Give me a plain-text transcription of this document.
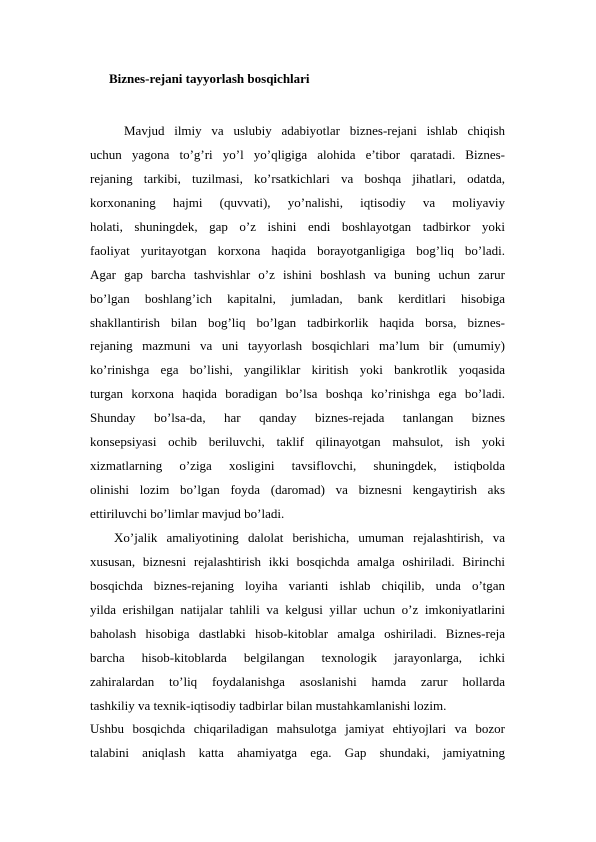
Biznes-rejani tayyorlash bosqichlari
Mavjud ilmiy va uslubiy adabiyotlar biznes-rejani ishlab chiqish
uchun yagona to’g’ri yo’l yo’qligiga alohida e’tibor qaratadi. Biznes-
rejaning tarkibi, tuzilmasi, ko’rsatkichlari va boshqa jihatlari, odatda,
korxonaning hajmi (quvvati), yo’nalishi, iqtisodiy va moliyaviy
holati, shuningdek, gap o’z ishini endi boshlayotgan tadbirkor yoki
faoliyat yuritayotgan korxona haqida borayotganligiga bog’liq bo’ladi.
Agar gap barcha tashvishlar o’z ishini boshlash va buning uchun zarur
bo’lgan boshlang’ich kapitalni, jumladan, bank kerditlari hisobiga
shakllantirish bilan bog’liq bo’lgan tadbirkorlik haqida borsa, biznes-
rejaning mazmuni va uni tayyorlash bosqichlari ma’lum bir (umumiy)
ko’rinishga ega bo’lishi, yangiliklar kiritish yoki bankrotlik yoqasida
turgan korxona haqida boradigan bo’lsa boshqa ko’rinishga ega bo’ladi.
Shunday bo’lsa-da, har qanday biznes-rejada tanlangan biznes
konsepsiyasi ochib beriluvchi, taklif qilinayotgan mahsulot, ish yoki
xizmatlarning o’ziga xosligini tavsiflovchi, shuningdek, istiqbolda
olinishi lozim bo’lgan foyda (daromad) va biznesni kengaytirish aks
ettiriluvchi bo’limlar mavjud bo’ladi.
Xo’jalik amaliyotining dalolat berishicha, umuman rejalashtirish, va
xususan, biznesni rejalashtirish ikki bosqichda amalga oshiriladi. Birinchi
bosqichda biznes-rejaning loyiha varianti ishlab chiqilib, unda o’tgan
yilda erishilgan natijalar tahlili va kelgusi yillar uchun o’z imkoniyatlarini
baholash hisobiga dastlabki hisob-kitoblar amalga oshiriladi. Biznes-reja
barcha hisob-kitoblarda belgilangan texnologik jarayonlarga, ichki
zahiralardan to’liq foydalanishga asoslanishi hamda zarur hollarda
tashkiliy va texnik-iqtisodiy tadbirlar bilan mustahkamlanishi lozim.
Ushbu bosqichda chiqariladigan mahsulotga jamiyat ehtiyojlari va bozor
talabini aniqlash katta ahamiyatga ega. Gap shundaki, jamiyatning
